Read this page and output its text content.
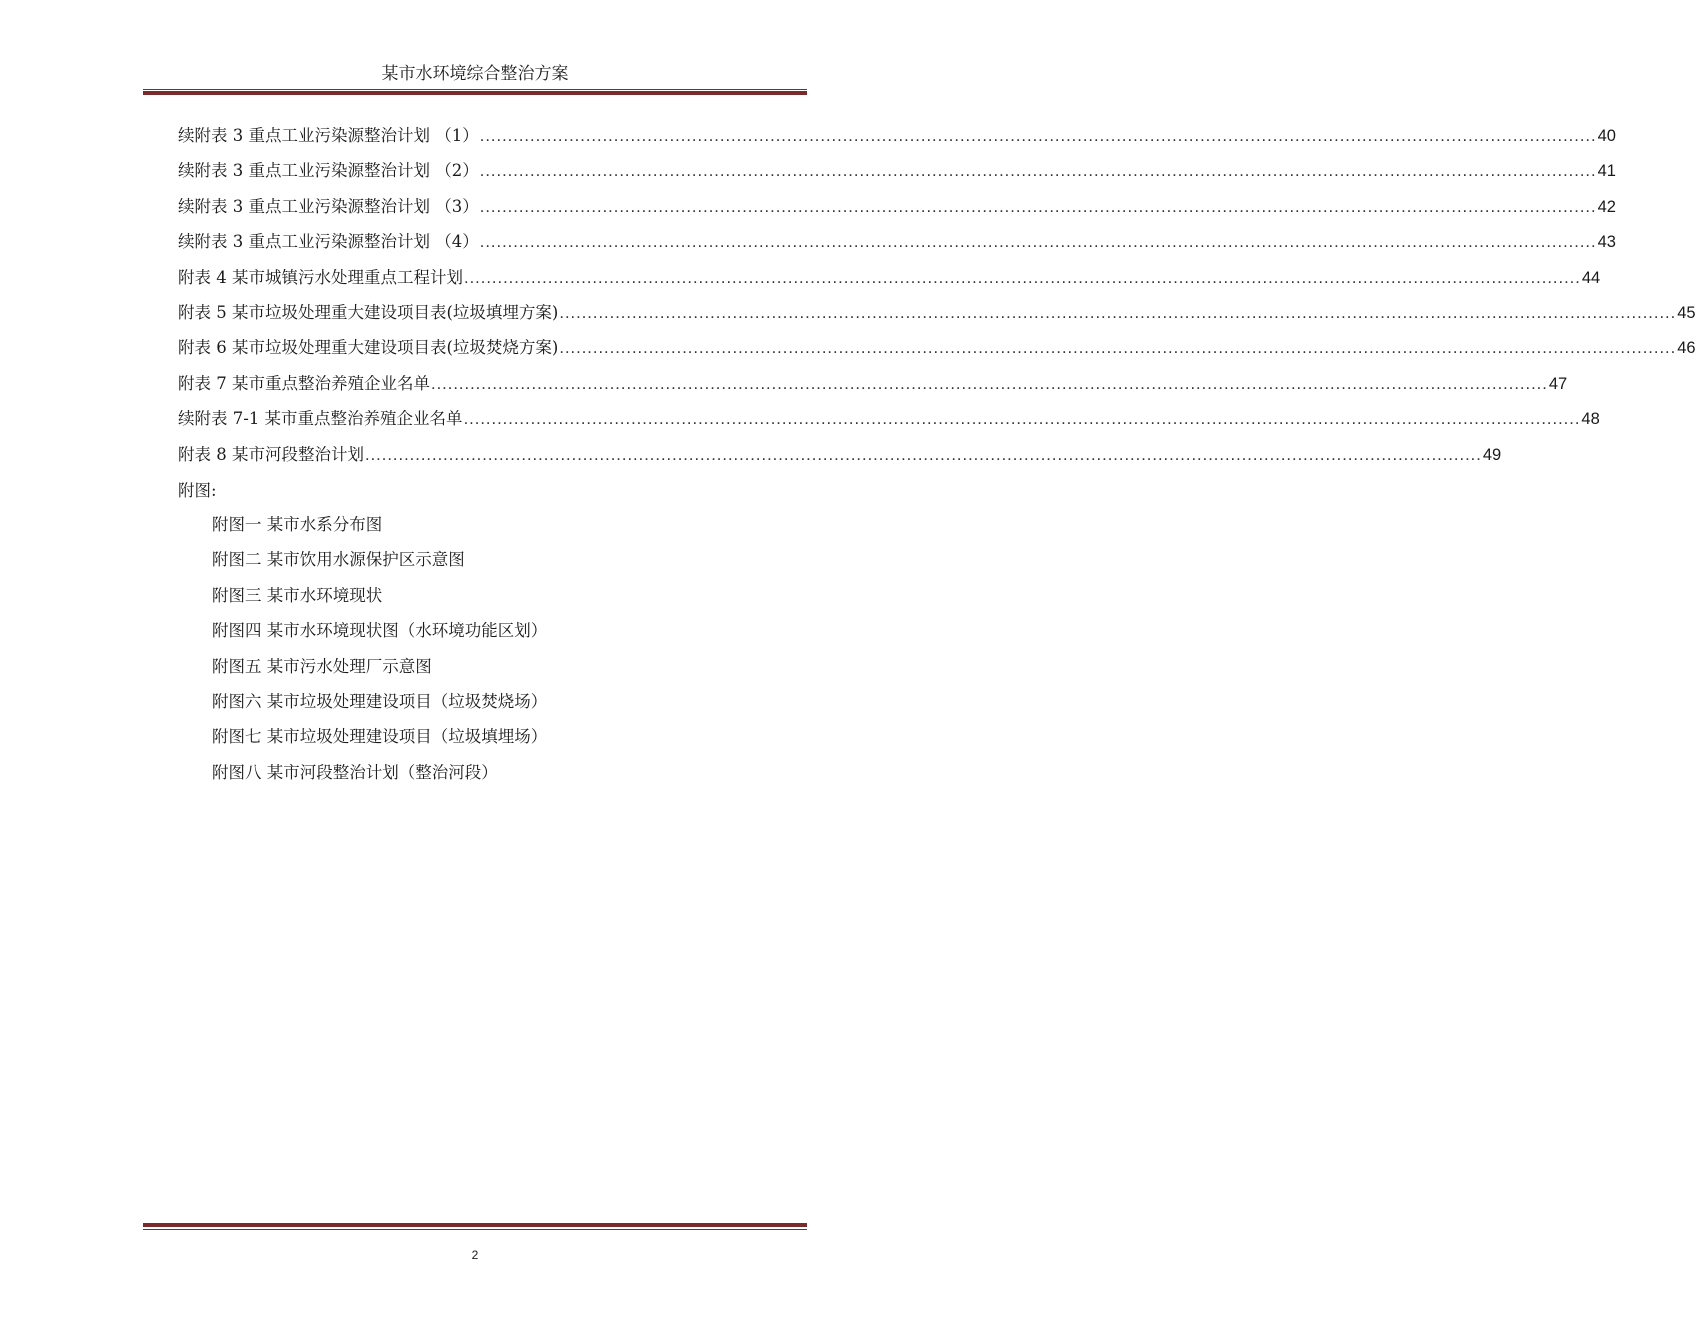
某市水环境综合整治方案
续附表 3 重点工业污染源整治计划 （1） ........................................................................................................................................................................................................ 40
续附表 3 重点工业污染源整治计划 （2） ........................................................................................................................................................................................................ 41
续附表 3 重点工业污染源整治计划 （3） ........................................................................................................................................................................................................ 42
续附表 3 重点工业污染源整治计划 （4） ........................................................................................................................................................................................................ 43
附表 4 某市城镇污水处理重点工程计划 ........................................................................................................................................................................................................ 44
附表 5 某市垃圾处理重大建设项目表(垃圾填埋方案) ........................................................................................................................................................................................................ 45
附表 6 某市垃圾处理重大建设项目表(垃圾焚烧方案) ........................................................................................................................................................................................................ 46
附表 7 某市重点整治养殖企业名单 ........................................................................................................................................................................................................ 47
续附表 7-1 某市重点整治养殖企业名单 ........................................................................................................................................................................................................ 48
附表 8 某市河段整治计划 ........................................................................................................................................................................................................ 49
附图:
附图一 某市水系分布图
附图二 某市饮用水源保护区示意图
附图三 某市水环境现状
附图四 某市水环境现状图（水环境功能区划）
附图五 某市污水处理厂示意图
附图六 某市垃圾处理建设项目（垃圾焚烧场）
附图七 某市垃圾处理建设项目（垃圾填埋场）
附图八 某市河段整治计划（整治河段）
2
